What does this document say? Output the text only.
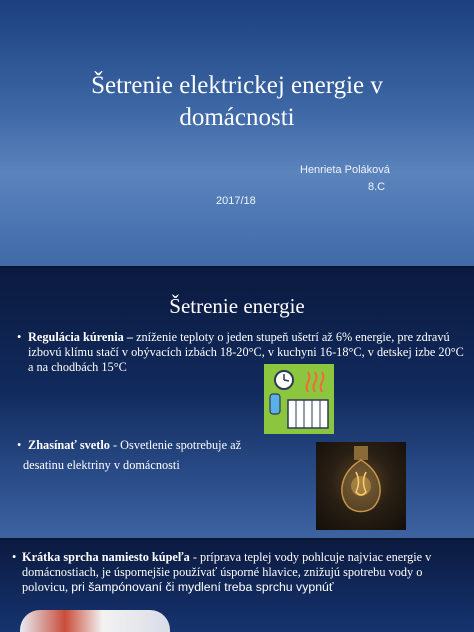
Šetrenie elektrickej energie v
domácnosti
Henrieta Poláková
8.C
2017/18
Šetrenie energie
• Regulácia kúrenia – zníženie teploty o jeden stupeň ušetrí až 6% energie, pre zdravú izbovú klímu stačí v obývacích izbách 18-20°C, v kuchyni 16-18°C, v detskej izbe 20°C a na chodbách 15°C
• Zhasínať svetlo - Osvetlenie spotrebuje až
desatinu elektriny v domácnosti
• Krátka sprcha namiesto kúpeľa - príprava teplej vody pohlcuje najviac energie v domácnostiach, je úspornejšie používať úsporné hlavice, znižujú spotrebu vody o polovicu, pri šampónovaní či mydlení treba sprchu vypnúť
